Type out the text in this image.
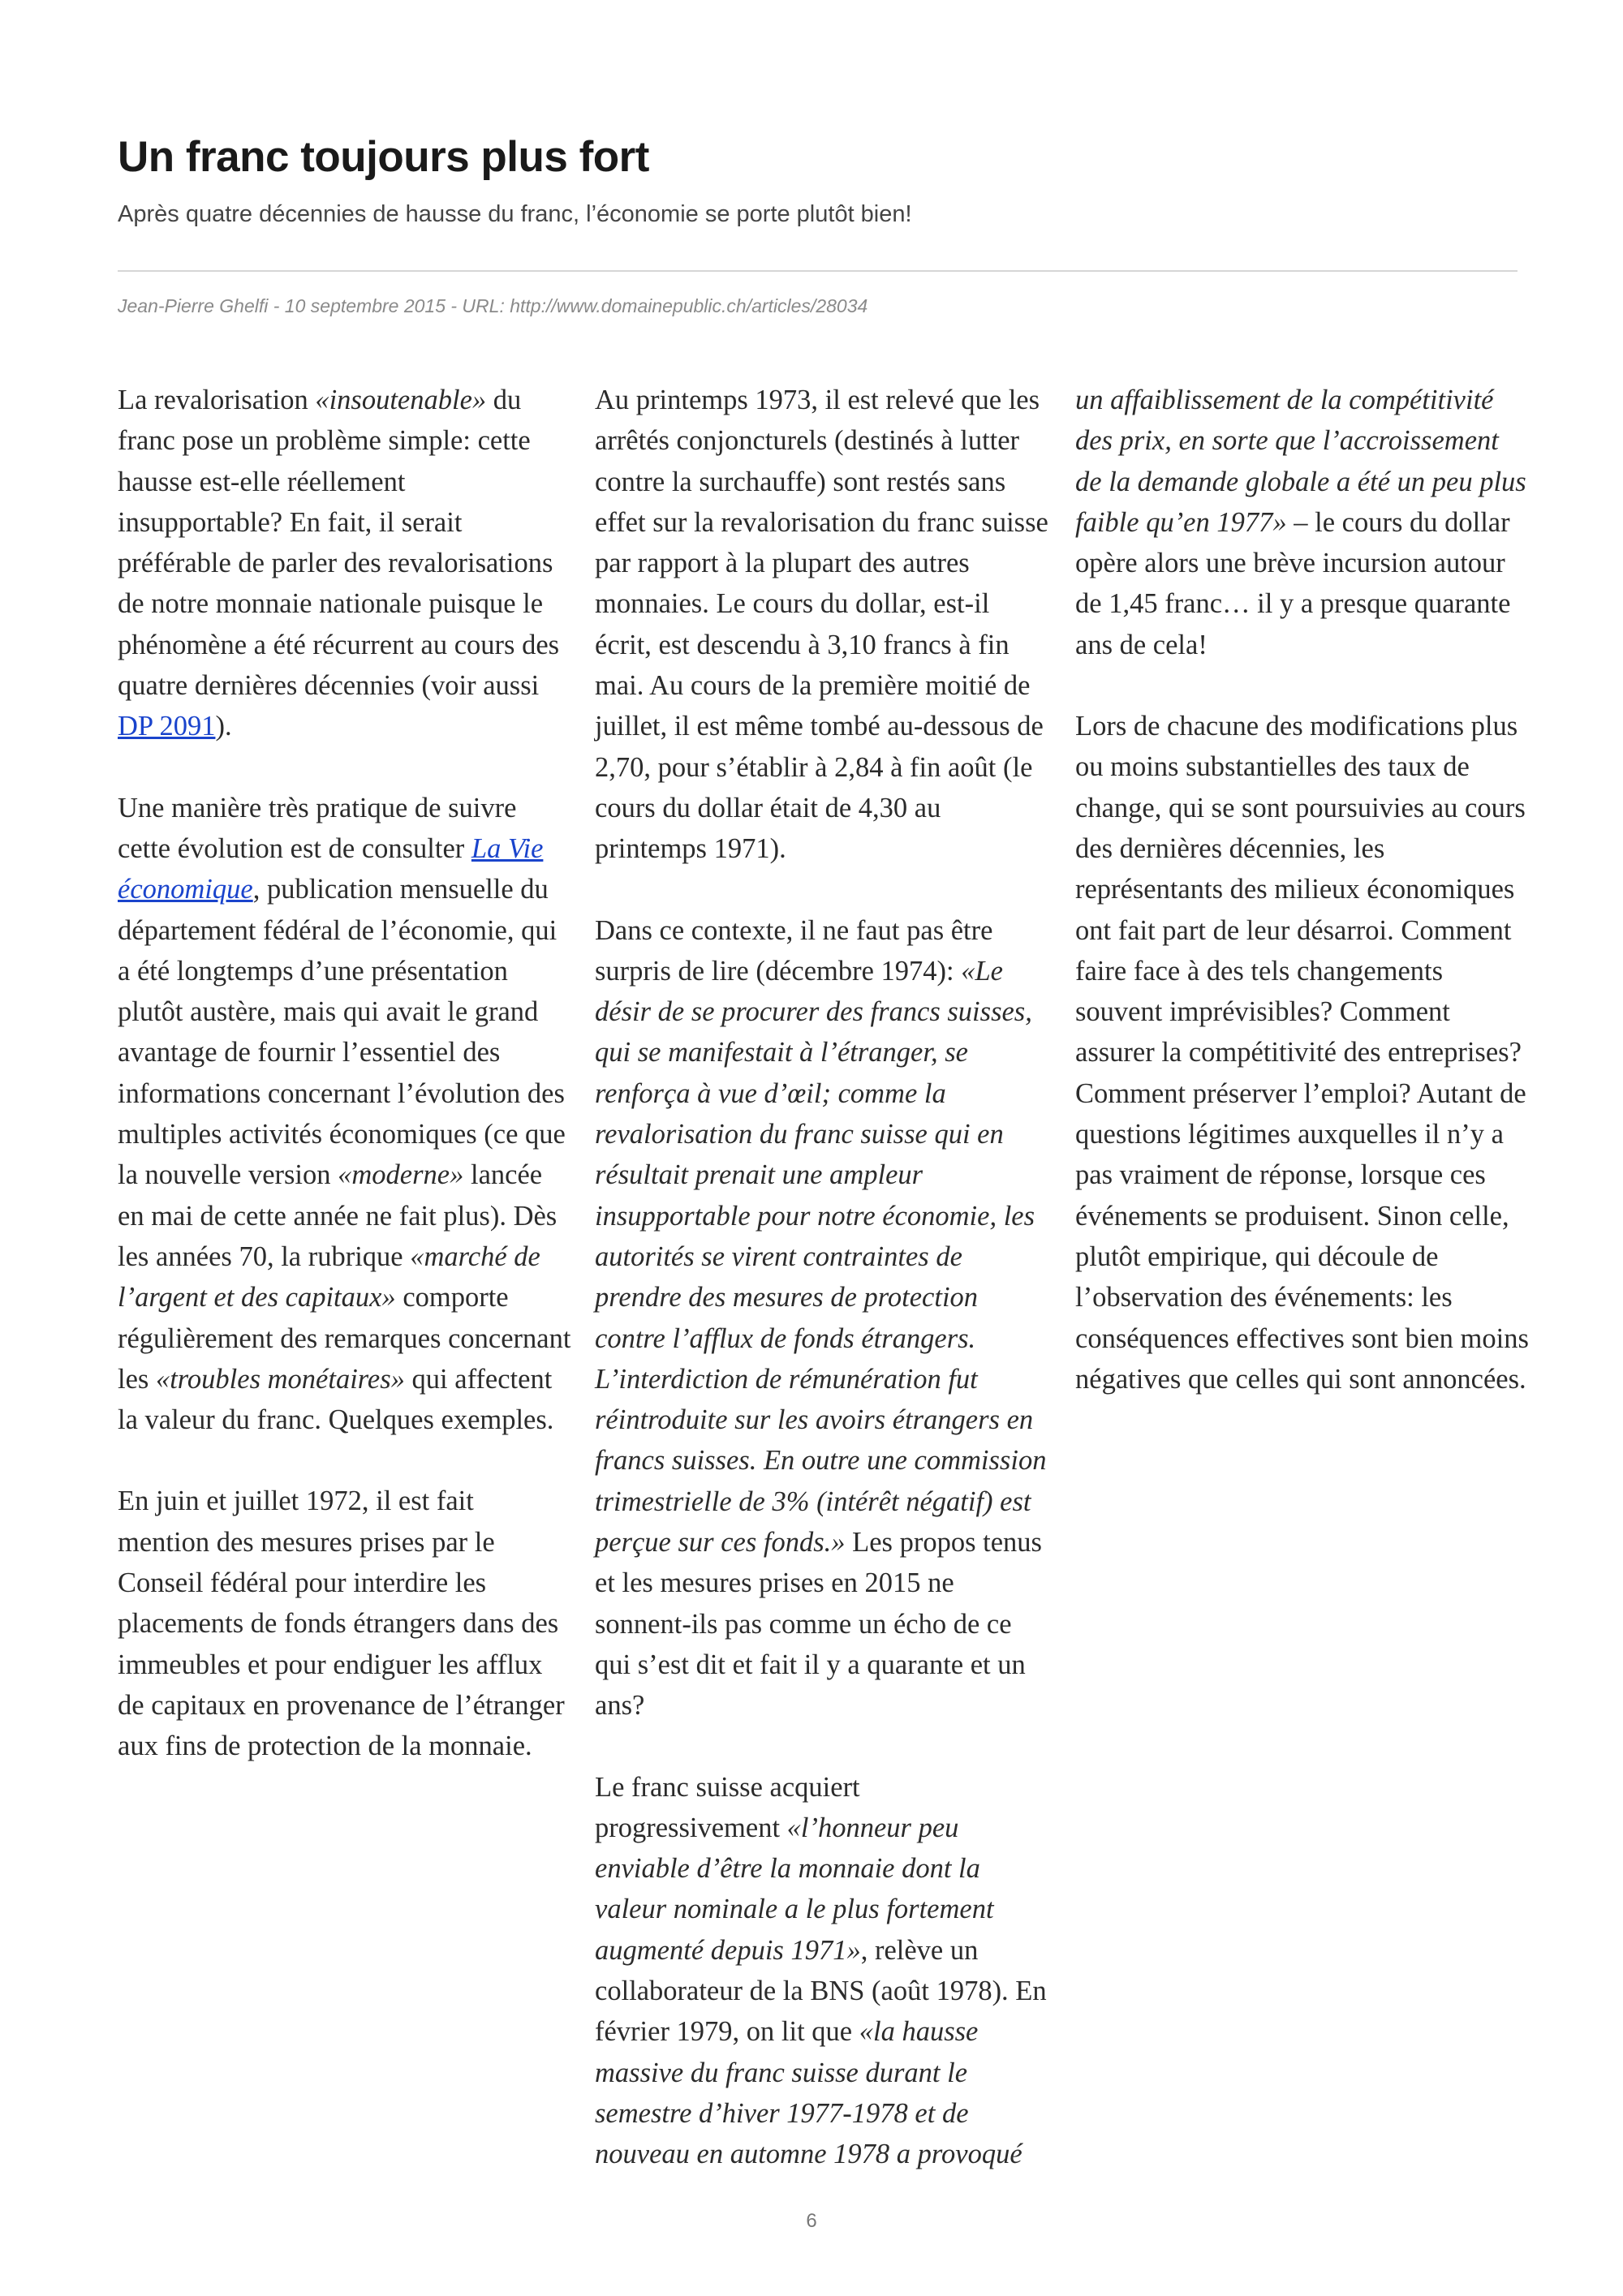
Un franc toujours plus fort
Après quatre décennies de hausse du franc, l’économie se porte plutôt bien!
Jean-Pierre Ghelfi - 10 septembre 2015 - URL: http://www.domainepublic.ch/articles/28034

La revalorisation «insoutenable» du franc pose un problème simple: cette hausse est-elle réellement insupportable? En fait, il serait préférable de parler des revalorisations de notre monnaie nationale puisque le phénomène a été récurrent au cours des quatre dernières décennies (voir aussi DP 2091).

Une manière très pratique de suivre cette évolution est de consulter La Vie économique, publication mensuelle du département fédéral de l’économie, qui a été longtemps d’une présentation plutôt austère, mais qui avait le grand avantage de fournir l’essentiel des informations concernant l’évolution des multiples activités économiques (ce que la nouvelle version «moderne» lancée en mai de cette année ne fait plus). Dès les années 70, la rubrique «marché de l’argent et des capitaux» comporte régulièrement des remarques concernant les «troubles monétaires» qui affectent la valeur du franc. Quelques exemples.

En juin et juillet 1972, il est fait mention des mesures prises par le Conseil fédéral pour interdire les placements de fonds étrangers dans des immeubles et pour endiguer les afflux de capitaux en provenance de l’étranger aux fins de protection de la monnaie.

Au printemps 1973, il est relevé que les arrêtés conjoncturels (destinés à lutter contre la surchauffe) sont restés sans effet sur la revalorisation du franc suisse par rapport à la plupart des autres monnaies. Le cours du dollar, est-il écrit, est descendu à 3,10 francs à fin mai. Au cours de la première moitié de juillet, il est même tombé au-dessous de 2,70, pour s’établir à 2,84 à fin août (le cours du dollar était de 4,30 au printemps 1971).

Dans ce contexte, il ne faut pas être surpris de lire (décembre 1974): «Le désir de se procurer des francs suisses, qui se manifestait à l’étranger, se renforça à vue d’œil; comme la revalorisation du franc suisse qui en résultait prenait une ampleur insupportable pour notre économie, les autorités se virent contraintes de prendre des mesures de protection contre l’afflux de fonds étrangers. L’interdiction de rémunération fut réintroduite sur les avoirs étrangers en francs suisses. En outre une commission trimestrielle de 3% (intérêt négatif) est perçue sur ces fonds.» Les propos tenus et les mesures prises en 2015 ne sonnent-ils pas comme un écho de ce qui s’est dit et fait il y a quarante et un ans?

Le franc suisse acquiert progressivement «l’honneur peu enviable d’être la monnaie dont la valeur nominale a le plus fortement augmenté depuis 1971», relève un collaborateur de la BNS (août 1978). En février 1979, on lit que «la hausse massive du franc suisse durant le semestre d’hiver 1977-1978 et de nouveau en automne 1978 a provoqué

un affaiblissement de la compétitivité des prix, en sorte que l’accroissement de la demande globale a été un peu plus faible qu’en 1977» – le cours du dollar opère alors une brève incursion autour de 1,45 franc… il y a presque quarante ans de cela!

Lors de chacune des modifications plus ou moins substantielles des taux de change, qui se sont poursuivies au cours des dernières décennies, les représentants des milieux économiques ont fait part de leur désarroi. Comment faire face à des tels changements souvent imprévisibles? Comment assurer la compétitivité des entreprises? Comment préserver l’emploi? Autant de questions légitimes auxquelles il n’y a pas vraiment de réponse, lorsque ces événements se produisent. Sinon celle, plutôt empirique, qui découle de l’observation des événements: les conséquences effectives sont bien moins négatives que celles qui sont annoncées.

6
